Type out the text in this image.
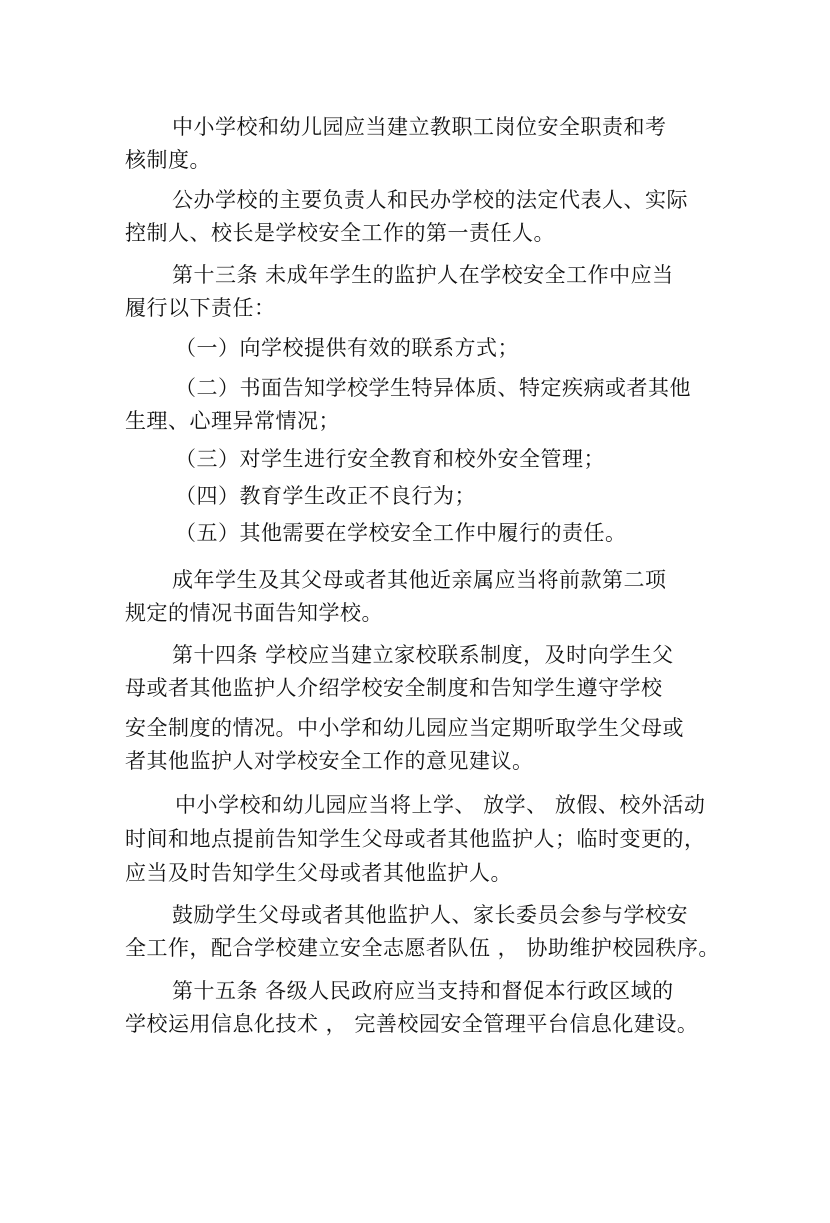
中小学校和幼儿园应当建立教职工岗位安全职责和考
核制度。
公办学校的主要负责人和民办学校的法定代表人、实际
控制人、校长是学校安全工作的第一责任人。
第十三条 未成年学生的监护人在学校安全工作中应当
履行以下责任：
（一）向学校提供有效的联系方式；
（二）书面告知学校学生特异体质、特定疾病或者其他
生理、心理异常情况；
（三）对学生进行安全教育和校外安全管理；
（四）教育学生改正不良行为；
（五）其他需要在学校安全工作中履行的责任。
成年学生及其父母或者其他近亲属应当将前款第二项
规定的情况书面告知学校。
第十四条 学校应当建立家校联系制度，及时向学生父
母或者其他监护人介绍学校安全制度和告知学生遵守学校
安全制度的情况。中小学和幼儿园应当定期听取学生父母或
者其他监护人对学校安全工作的意见建议。
中小学校和幼儿园应当将上学、 放学、 放假、校外活动
时间和地点提前告知学生父母或者其他监护人；临时变更的，
应当及时告知学生父母或者其他监护人。
鼓励学生父母或者其他监护人、家长委员会参与学校安
全工作，配合学校建立安全志愿者队伍 ， 协助维护校园秩序。
第十五条 各级人民政府应当支持和督促本行政区域的
学校运用信息化技术 ， 完善校园安全管理平台信息化建设。
